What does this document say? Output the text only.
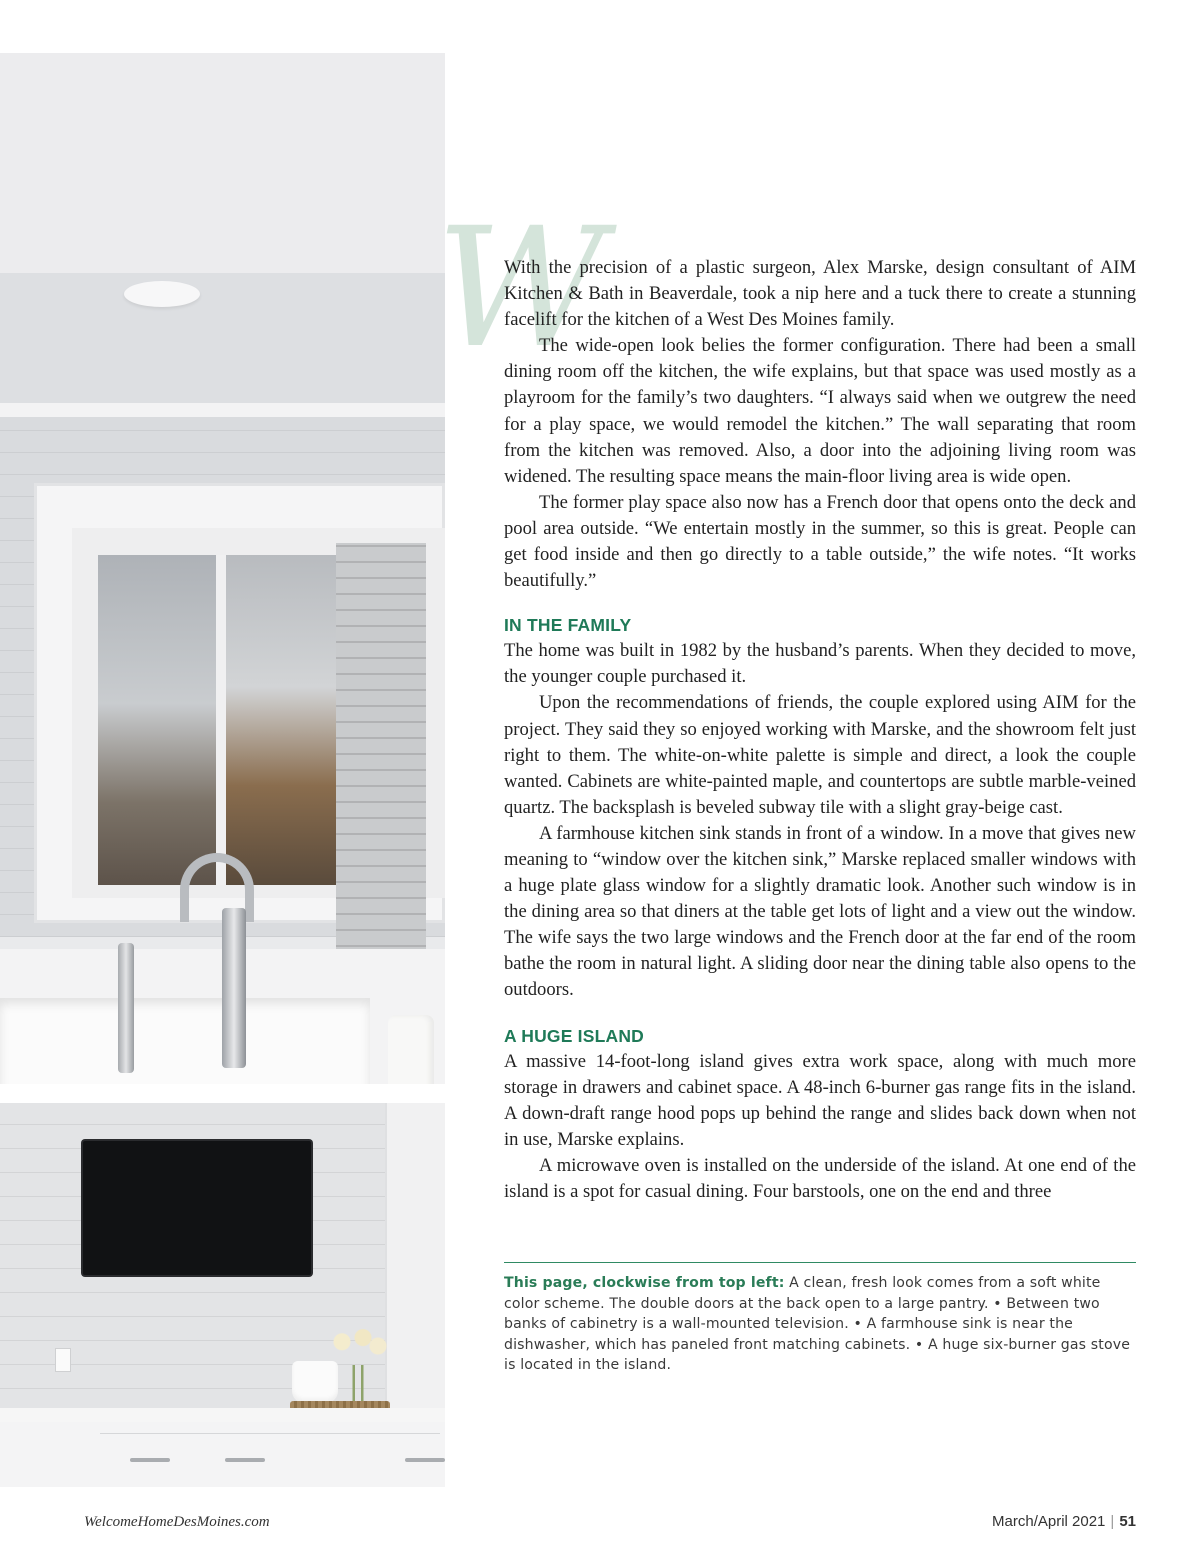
W

With the precision of a plastic surgeon, Alex Marske, design consultant of AIM Kitchen & Bath in Beaverdale, took a nip here and a tuck there to create a stunning facelift for the kitchen of a West Des Moines family.

The wide-open look belies the former configuration. There had been a small dining room off the kitchen, the wife explains, but that space was used mostly as a playroom for the family’s two daughters. “I always said when we outgrew the need for a play space, we would remodel the kitchen.” The wall separating that room from the kitchen was removed. Also, a door into the adjoining living room was widened. The resulting space means the main-floor living area is wide open.

The former play space also now has a French door that opens onto the deck and pool area outside. “We entertain mostly in the summer, so this is great. People can get food inside and then go directly to a table outside,” the wife notes. “It works beautifully.”

IN THE FAMILY

The home was built in 1982 by the husband’s parents. When they decided to move, the younger couple purchased it.

Upon the recommendations of friends, the couple explored using AIM for the project. They said they so enjoyed working with Marske, and the showroom felt just right to them. The white-on-white palette is simple and direct, a look the couple wanted. Cabinets are white-painted maple, and countertops are subtle marble-veined quartz. The backsplash is beveled subway tile with a slight gray-beige cast.

A farmhouse kitchen sink stands in front of a window. In a move that gives new meaning to “window over the kitchen sink,” Marske replaced smaller windows with a huge plate glass window for a slightly dramatic look. Another such window is in the dining area so that diners at the table get lots of light and a view out the window. The wife says the two large windows and the French door at the far end of the room bathe the room in natural light. A sliding door near the dining table also opens to the outdoors.

A HUGE ISLAND

A massive 14-foot-long island gives extra work space, along with much more storage in drawers and cabinet space. A 48-inch 6-burner gas range fits in the island. A down-draft range hood pops up behind the range and slides back down when not in use, Marske explains.

A microwave oven is installed on the underside of the island. At one end of the island is a spot for casual dining. Four barstools, one on the end and three

This page, clockwise from top left: A clean, fresh look comes from a soft white color scheme. The double doors at the back open to a large pantry. • Between two banks of cabinetry is a wall-mounted television. • A farmhouse sink is near the dishwasher, which has paneled front matching cabinets. • A huge six-burner gas stove is located in the island.
WelcomeHomeDesMoines.com	March/April 2021 | 51
